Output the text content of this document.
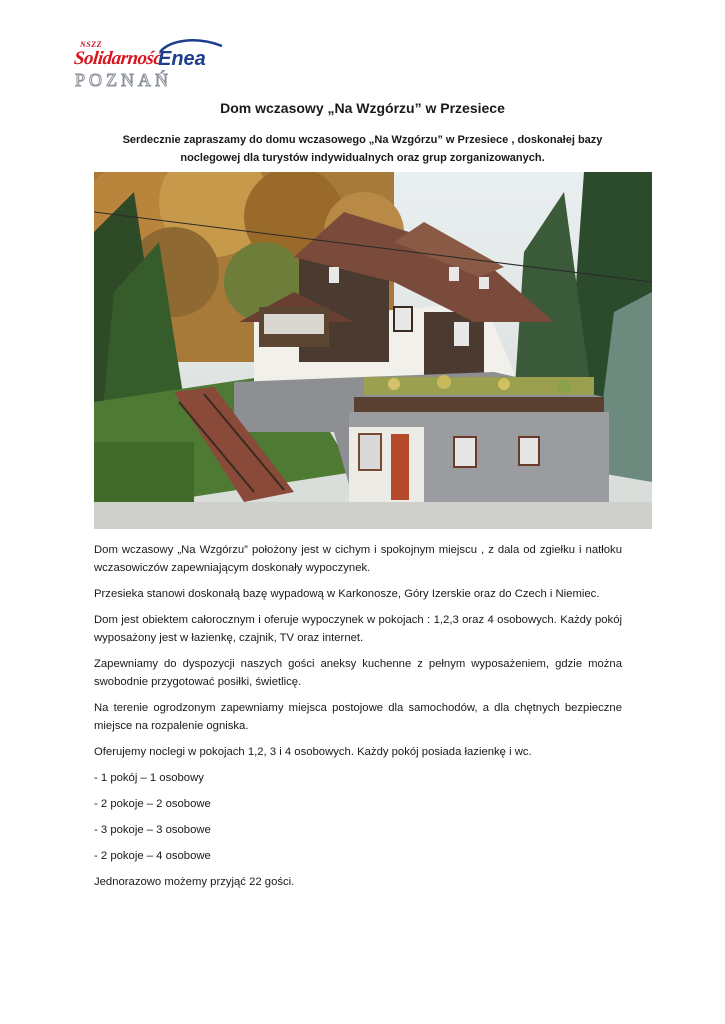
NSZZ
Solidarność
Enea
POZNAŃ
Dom wczasowy „Na Wzgórzu” w Przesiece
Serdecznie zapraszamy do domu wczasowego „Na Wzgórzu” w Przesiece , doskonałej bazy noclegowej dla turystów indywidualnych oraz grup zorganizowanych.

Dom wczasowy „Na Wzgórzu” położony jest w cichym i spokojnym miejscu , z dala od zgiełku i natłoku wczasowiczów zapewniającym doskonały wypoczynek.

Przesieka stanowi doskonałą bazę wypadową w Karkonosze, Góry Izerskie oraz do Czech i Niemiec.

Dom jest obiektem całorocznym i oferuje wypoczynek w pokojach : 1,2,3 oraz 4 osobowych. Każdy pokój wyposażony jest w łazienkę, czajnik, TV oraz internet.

Zapewniamy do dyspozycji naszych gości aneksy kuchenne z pełnym wyposażeniem, gdzie można swobodnie przygotować posiłki, świetlicę.

Na terenie ogrodzonym zapewniamy miejsca postojowe dla samochodów, a dla chętnych bezpieczne miejsce na rozpalenie ogniska.

Oferujemy noclegi w pokojach 1,2, 3 i 4 osobowych. Każdy pokój posiada łazienkę i wc.

- 1 pokój – 1 osobowy

- 2 pokoje – 2 osobowe

- 3 pokoje – 3 osobowe

- 2 pokoje – 4 osobowe

Jednorazowo możemy przyjąć 22 gości.
